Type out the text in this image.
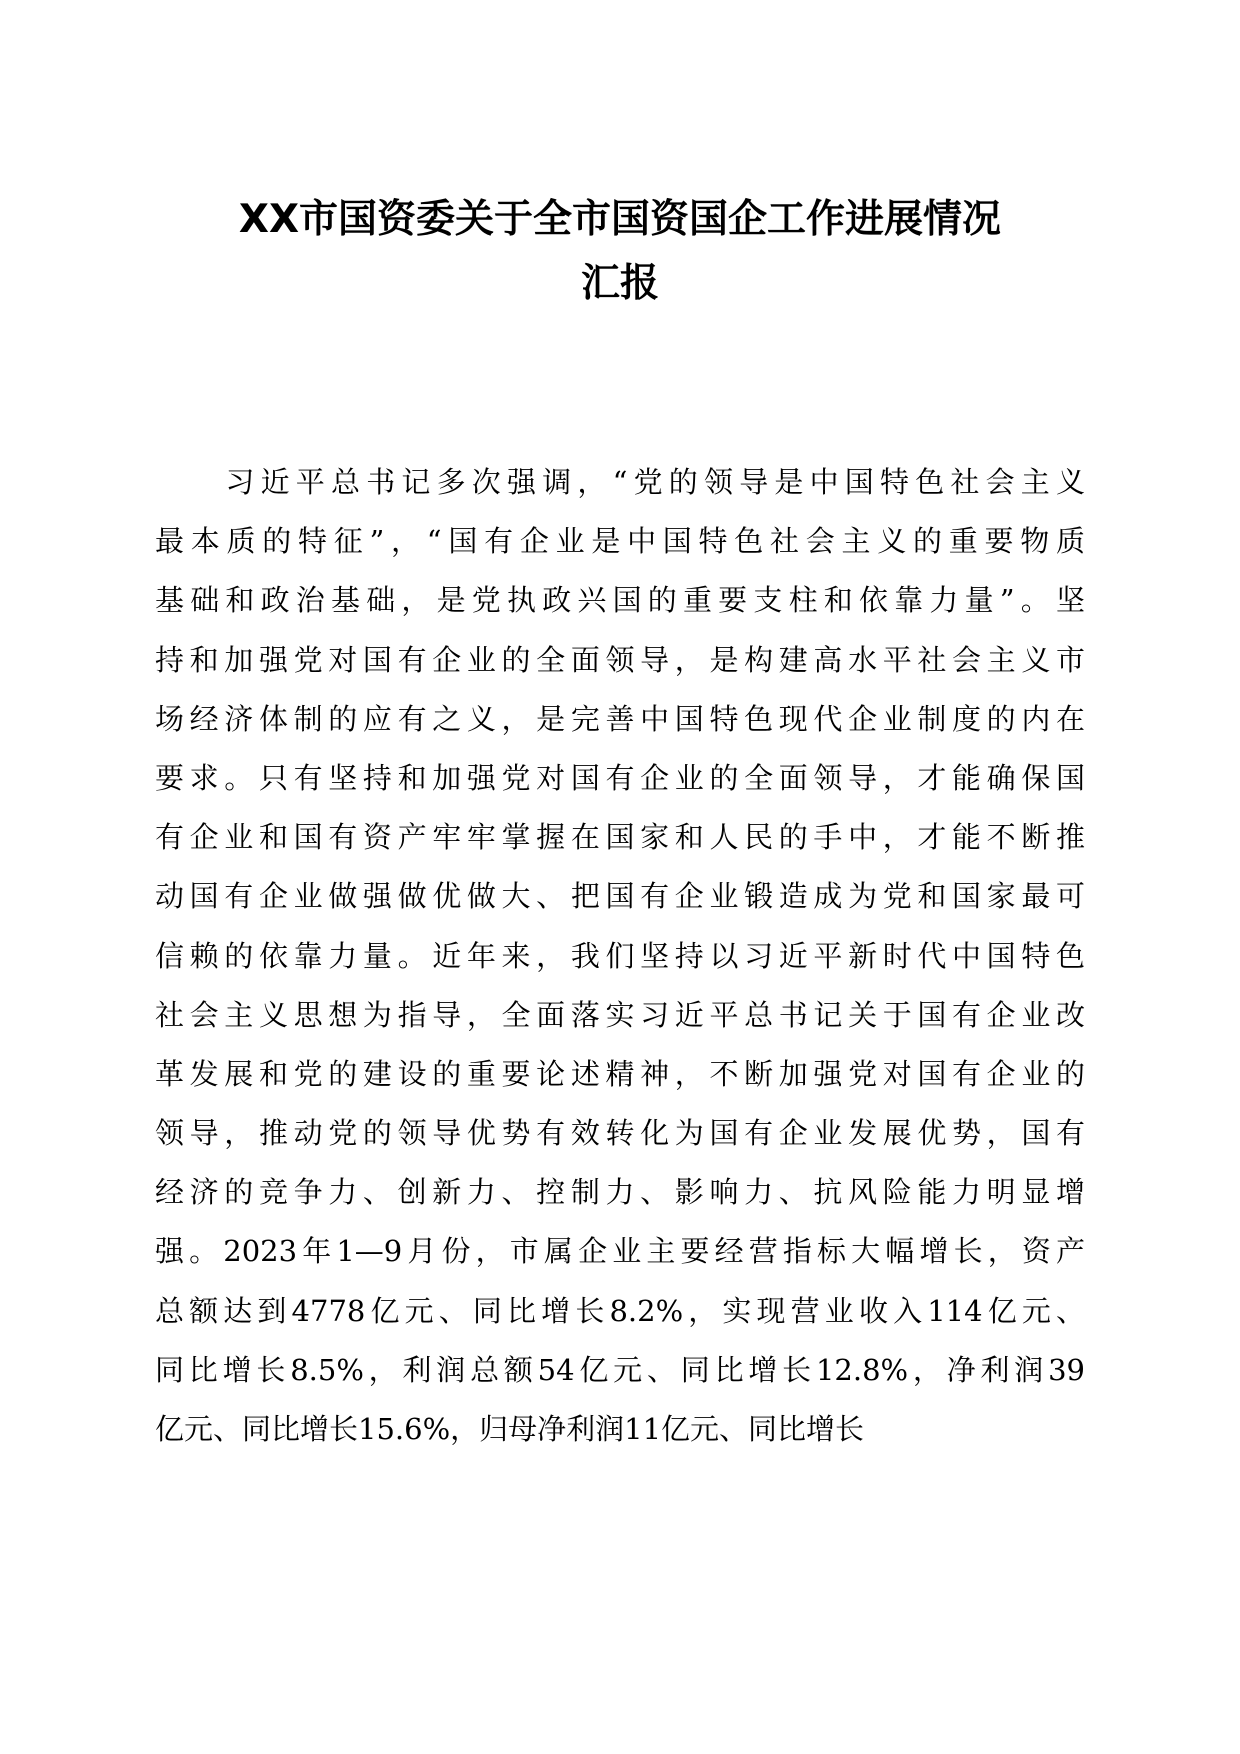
XX市国资委关于全市国资国企工作进展情况
汇报
　　习近平总书记多次强调，“党的领导是中国特色社会主义
最本质的特征”，“国有企业是中国特色社会主义的重要物质
基础和政治基础，是党执政兴国的重要支柱和依靠力量”。坚
持和加强党对国有企业的全面领导，是构建高水平社会主义市
场经济体制的应有之义，是完善中国特色现代企业制度的内在
要求。只有坚持和加强党对国有企业的全面领导，才能确保国
有企业和国有资产牢牢掌握在国家和人民的手中，才能不断推
动国有企业做强做优做大、把国有企业锻造成为党和国家最可
信赖的依靠力量。近年来，我们坚持以习近平新时代中国特色
社会主义思想为指导，全面落实习近平总书记关于国有企业改
革发展和党的建设的重要论述精神，不断加强党对国有企业的
领导，推动党的领导优势有效转化为国有企业发展优势，国有
经济的竞争力、创新力、控制力、影响力、抗风险能力明显增
强。2023年1—9月份，市属企业主要经营指标大幅增长，资产
总额达到4778亿元、同比增长8.2%，实现营业收入114亿元、
同比增长8.5%，利润总额54亿元、同比增长12.8%，净利润39
亿元、同比增长15.6%，归母净利润11亿元、同比增长
